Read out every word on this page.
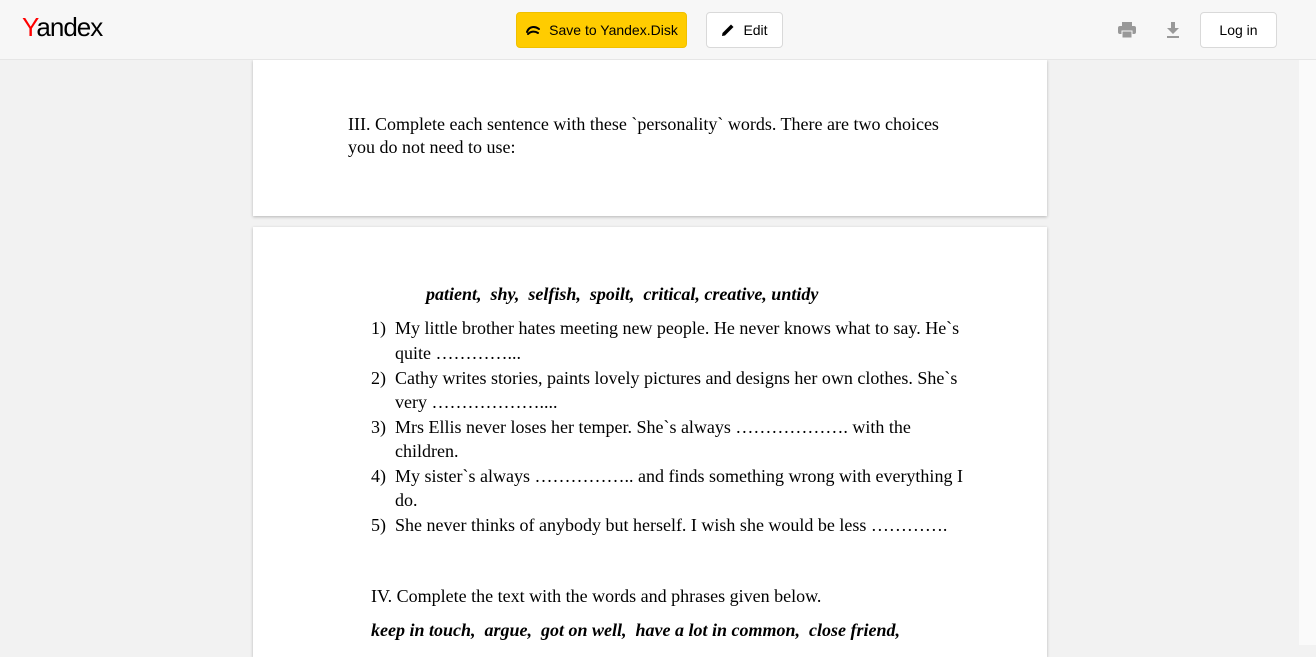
Yandex	Save to Yandex.Disk	Edit	Log in
III. Complete each sentence with these `personality` words. There are two choices
you do not need to use:
patient,  shy,  selfish,  spoilt,  critical, creative, untidy
1) My little brother hates meeting new people. He never knows what to say. He`s
quite …………...
2) Cathy writes stories, paints lovely pictures and designs her own clothes. She`s
very ………………....
3) Mrs Ellis never loses her temper. She`s always ………………. with the
children.
4) My sister`s always …………….. and finds something wrong with everything I
do.
5) She never thinks of anybody but herself. I wish she would be less ………….
IV. Complete the text with the words and phrases given below.
keep in touch,  argue,  got on well,  have a lot in common,  close friend,
